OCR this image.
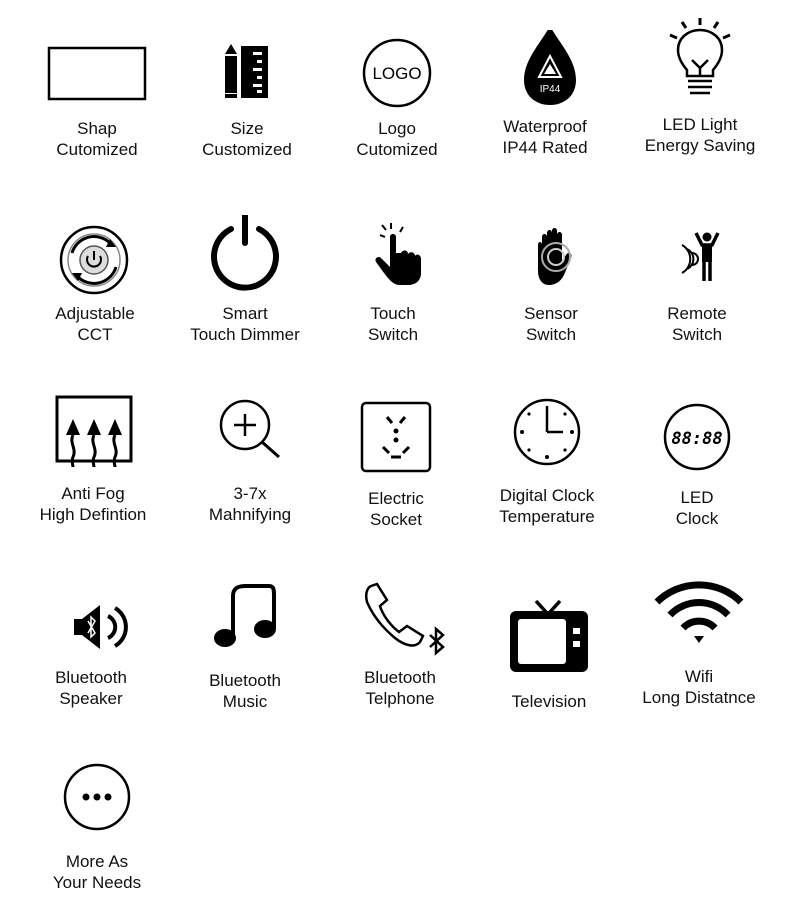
Shap
Cutomized
Size
Customized
LOGO
Logo
Cutomized
IP44
Waterproof
IP44 Rated
LED Light
Energy Saving
Adjustable
CCT
Smart
Touch Dimmer
Touch
Switch
Sensor
Switch
Remote
Switch
Anti Fog
High Defintion
3-7x
Mahnifying
Electric
Socket
Digital Clock
Temperature
88:88
LED
Clock
Bluetooth
Speaker
Bluetooth
Music
Bluetooth
Telphone	Television
Wifi
Long Distatnce
More As
Your Needs
